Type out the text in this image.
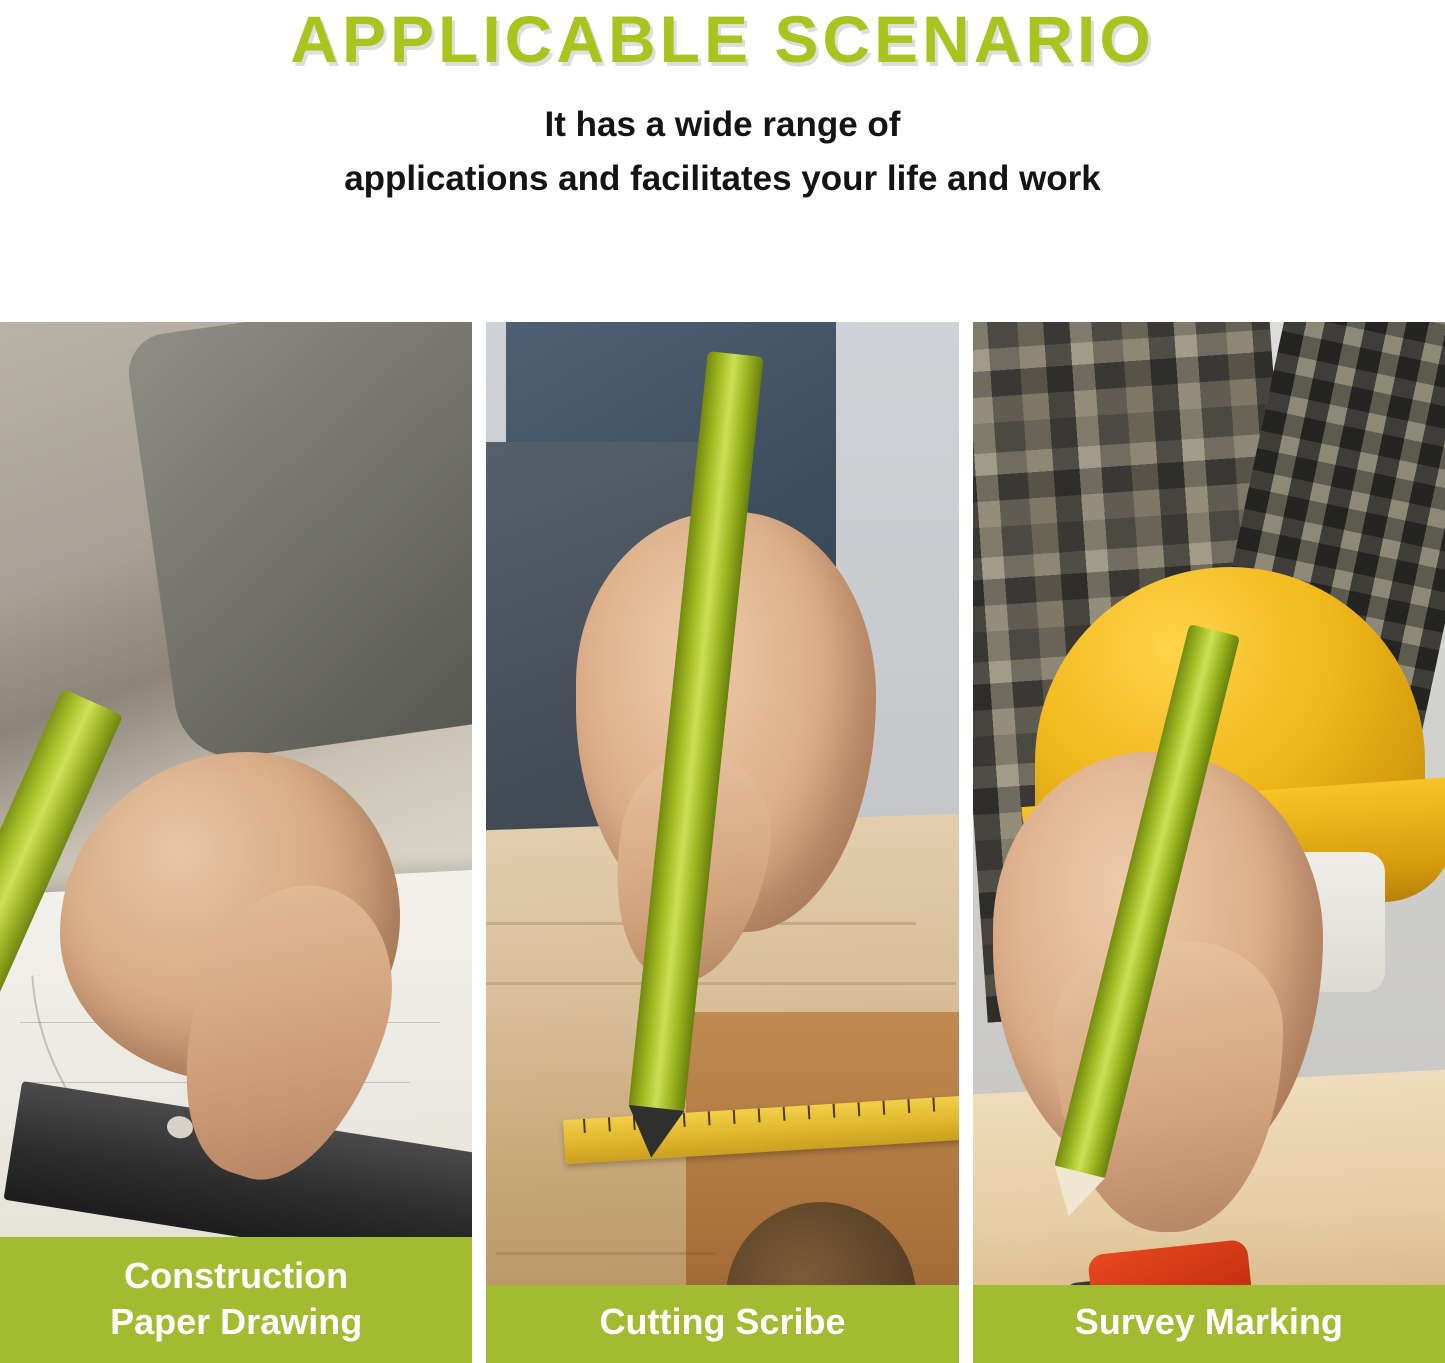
APPLICABLE SCENARIO
It has a wide range of
applications and facilitates your life and work
Construction
Paper Drawing	Cutting Scribe	Survey Marking
